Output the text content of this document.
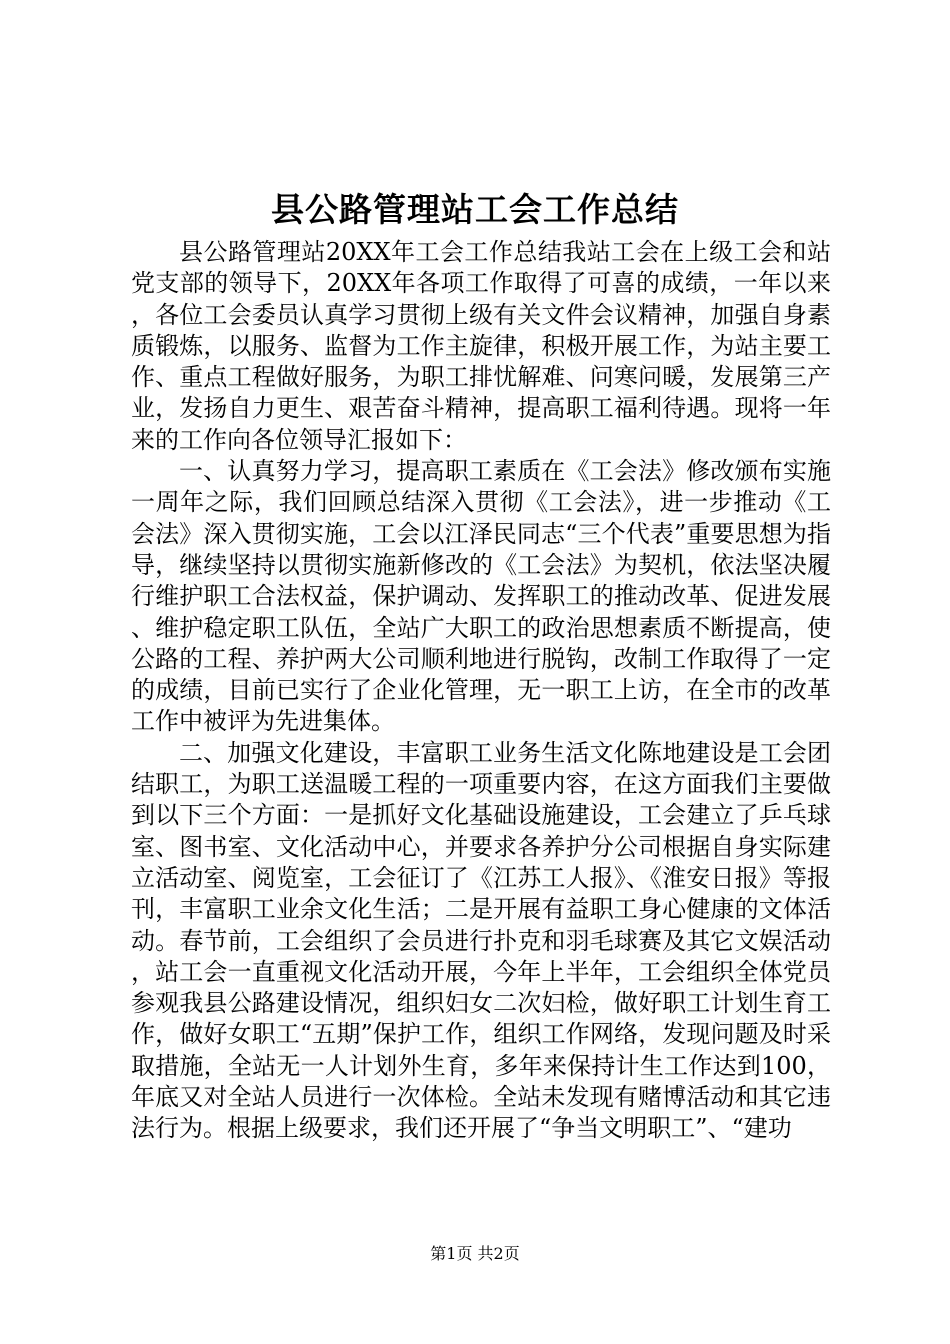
县公路管理站工会工作总结

县公路管理站20XX年工会工作总结我站工会在上级工会和站党支部的领导下，20XX年各项工作取得了可喜的成绩，一年以来，各位工会委员认真学习贯彻上级有关文件会议精神，加强自身素质锻炼，以服务、监督为工作主旋律，积极开展工作，为站主要工作、重点工程做好服务，为职工排忧解难、问寒问暖，发展第三产业，发扬自力更生、艰苦奋斗精神，提高职工福利待遇。现将一年来的工作向各位领导汇报如下：

一、认真努力学习，提高职工素质在《工会法》修改颁布实施一周年之际，我们回顾总结深入贯彻《工会法》，进一步推动《工会法》深入贯彻实施，工会以江泽民同志“三个代表”重要思想为指导，继续坚持以贯彻实施新修改的《工会法》为契机，依法坚决履行维护职工合法权益，保护调动、发挥职工的推动改革、促进发展、维护稳定职工队伍，全站广大职工的政治思想素质不断提高，使公路的工程、养护两大公司顺利地进行脱钩，改制工作取得了一定的成绩，目前已实行了企业化管理，无一职工上访，在全市的改革工作中被评为先进集体。

二、加强文化建设，丰富职工业务生活文化陈地建设是工会团结职工，为职工送温暖工程的一项重要内容，在这方面我们主要做到以下三个方面：一是抓好文化基础设施建设，工会建立了乒乓球室、图书室、文化活动中心，并要求各养护分公司根据自身实际建立活动室、阅览室，工会征订了《江苏工人报》、《淮安日报》等报刊，丰富职工业余文化生活；二是开展有益职工身心健康的文体活动。春节前，工会组织了会员进行扑克和羽毛球赛及其它文娱活动，站工会一直重视文化活动开展，今年上半年，工会组织全体党员参观我县公路建设情况，组织妇女二次妇检，做好职工计划生育工作，做好女职工“五期”保护工作，组织工作网络，发现问题及时采取措施，全站无一人计划外生育，多年来保持计生工作达到100，年底又对全站人员进行一次体检。全站未发现有赌博活动和其它违法行为。根据上级要求，我们还开展了“争当文明职工”、“建功

第1页 共2页
